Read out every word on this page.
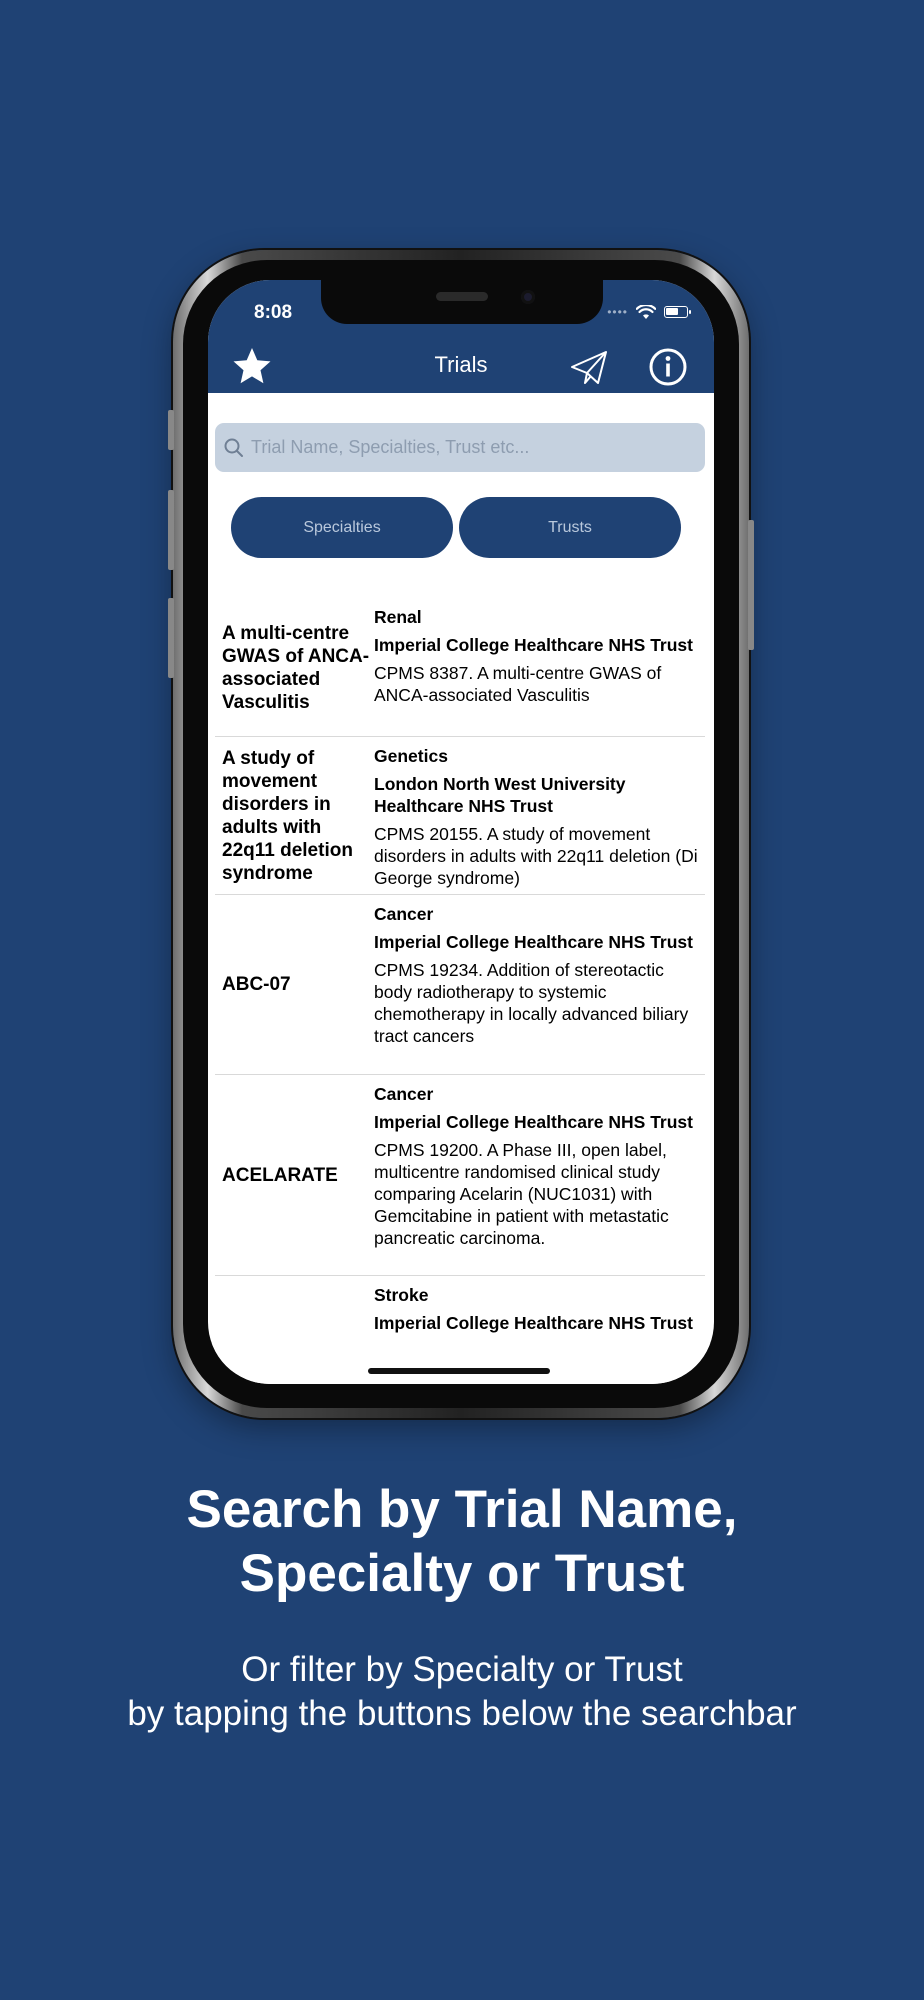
8:08	••••
Trials
Trial Name, Specialties, Trust etc...
Specialties	Trusts
A multi-centre GWAS of ANCA-associated Vasculitis
Renal
Imperial College Healthcare NHS Trust
CPMS 8387. A multi-centre GWAS of ANCA-associated Vasculitis
A study of movement disorders in adults with 22q11 deletion syndrome
Genetics
London North West University Healthcare NHS Trust
CPMS 20155. A study of movement disorders in adults with 22q11 deletion (Di George syndrome)
ABC-07
Cancer
Imperial College Healthcare NHS Trust
CPMS 19234. Addition of stereotactic body radiotherapy to systemic chemotherapy in locally advanced biliary tract cancers
ACELARATE
Cancer
Imperial College Healthcare NHS Trust
CPMS 19200. A Phase III, open label, multicentre randomised clinical study comparing Acelarin (NUC1031) with Gemcitabine in patient with metastatic pancreatic carcinoma.
Stroke
Imperial College Healthcare NHS Trust
Search by Trial Name,
Specialty or Trust
Or filter by Specialty or Trust
by tapping the buttons below the searchbar
